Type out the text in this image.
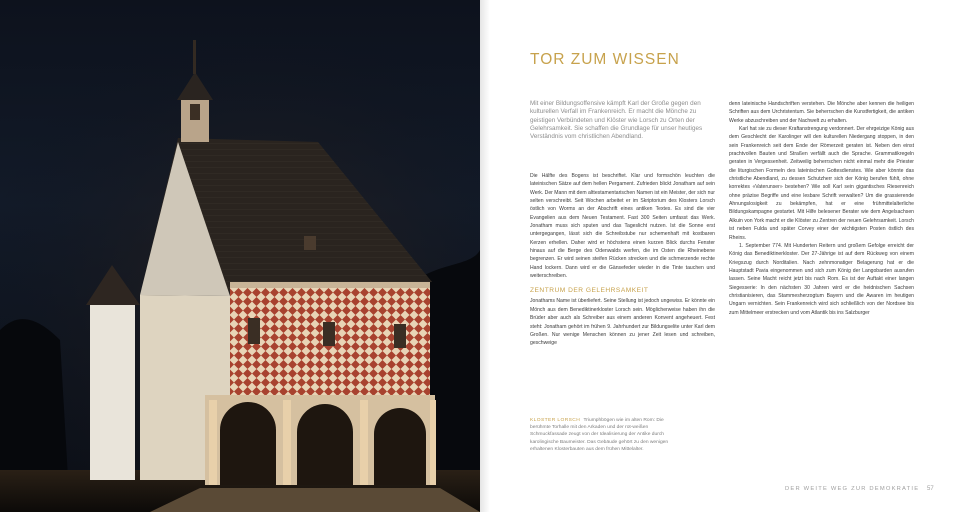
TOR ZUM WISSEN
Mit einer Bildungsoffensive kämpft Karl der Große gegen den kulturellen Verfall im Frankenreich. Er macht die Mönche zu geistigen Verbündeten und Klöster wie Lorsch zu Orten der Gelehrsamkeit. Sie schaffen die Grundlage für unser heutiges Verständnis vom christlichen Abendland.

Die Hälfte des Bogens ist beschriftet. Klar und formschön leuchten die lateinischen Sätze auf dem hellen Pergament. Zufrieden blickt Jonatham auf sein Werk. Der Mann mit dem alttestamentarischen Namen ist ein Meister, der sich nur selten verschreibt. Seit Wochen arbeitet er im Skriptorium des Klosters Lorsch östlich von Worms an der Abschrift eines antiken Textes. Es sind die vier Evangelien aus dem Neuen Testament. Fast 300 Seiten umfasst das Werk. Jonatham muss sich sputen und das Tageslicht nutzen. Ist die Sonne erst untergegangen, lässt sich die Schreibstube nur schemenhaft mit kostbaren Kerzen erhellen. Daher wird er höchstens einen kurzen Blick durchs Fenster hinaus auf die Berge des Odenwalds werfen, die im Osten die Rheinebene begrenzen. Er wird seinen steifen Rücken strecken und die schmerzende rechte Hand lockern. Dann wird er die Gänsefeder wieder in die Tinte tauchen und weiterschreiben.

ZENTRUM DER GELEHRSAMKEIT

Jonathams Name ist überliefert. Seine Stellung ist jedoch ungewiss. Er könnte ein Mönch aus dem Benediktinerkloster Lorsch sein. Möglicherweise haben ihn die Brüder aber auch als Schreiber aus einem anderen Konvent angeheuert. Fest steht: Jonatham gehört im frühen 9. Jahrhundert zur Bildungselite unter Karl dem Großen. Nur wenige Menschen können zu jener Zeit lesen und schreiben, geschweige

denn lateinische Handschriften verstehen. Die Mönche aber kennen die heiligen Schriften aus dem Urchristentum. Sie beherrschen die Kunstfertigkeit, die antiken Werke abzuschreiben und der Nachwelt zu erhalten.

Karl hat sie zu dieser Kraftanstrengung verdonnert. Der ehrgeizige König aus dem Geschlecht der Karolinger will den kulturellen Niedergang stoppen, in den sein Frankenreich seit dem Ende der Römerzeit geraten ist. Neben den einst prachtvollen Bauten und Straßen verfällt auch die Sprache. Grammatikregeln geraten in Vergessenheit. Zeitweilig beherrschen nicht einmal mehr die Priester die liturgischen Formeln des lateinischen Gottesdienstes. Wie aber könnte das christliche Abendland, zu dessen Schutzherr sich der König berufen fühlt, ohne korrektes «Vaterunser» bestehen? Wie soll Karl sein gigantisches Riesenreich ohne präzise Begriffe und eine lesbare Schrift verwalten? Um die grassierende Ahnungslosigkeit zu bekämpfen, hat er eine frühmittelalterliche Bildungskampagne gestartet. Mit Hilfe belesener Berater wie dem Angelsachsen Alkuin von York macht er die Klöster zu Zentren der neuen Gelehrsamkeit. Lorsch ist neben Fulda und später Corvey einer der wichtigsten Posten östlich des Rheins.

1. September 774. Mit Hunderten Reitern und großem Gefolge erreicht der König das Benediktinerkloster. Der 27-Jährige ist auf dem Rückweg von einem Kriegszug durch Norditalien. Nach zehnmonatiger Belagerung hat er die Hauptstadt Pavia eingenommen und sich zum König der Langobarden ausrufen lassen. Seine Macht reicht jetzt bis nach Rom. Es ist der Auftakt einer langen Siegesserie: In den nächsten 30 Jahren wird er die heidnischen Sachsen christianisieren, das Stammesherzogtum Bayern und die Awaren im heutigen Ungarn vernichten. Sein Frankenreich wird sich schließlich von der Nordsee bis zum Mittelmeer erstrecken und vom Atlantik bis ins Salzburger

KLOSTER LORSCH Triumphbögen wie im alten Rom: Die berühmte Torhalle mit den Arkaden und der rot-weißen Schmuckfassade zeugt von der Idealisierung der Antike durch karolingische Baumeister. Das Gebäude gehört zu den wenigen erhaltenen Klosterbauten aus dem frühen Mittelalter.
DER WEITE WEG ZUR DEMOKRATIE 57
